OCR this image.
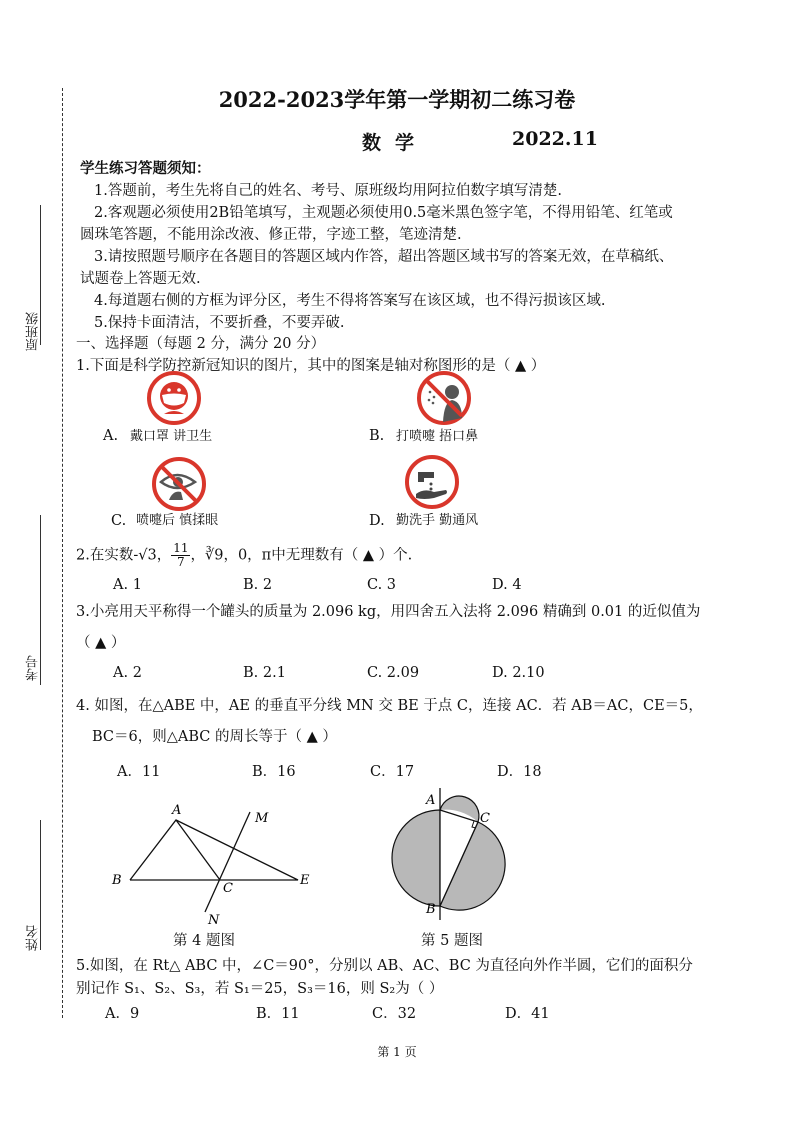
原班级
考号
姓名
2022-2023学年第一学期初二练习卷
数学	2022.11
学生练习答题须知：
1.答题前，考生先将自己的姓名、考号、原班级均用阿拉伯数字填写清楚.
2.客观题必须使用2B铅笔填写，主观题必须使用0.5毫米黑色签字笔，不得用铅笔、红笔或
圆珠笔答题，不能用涂改液、修正带，字迹工整，笔迹清楚.
3.请按照题号顺序在各题目的答题区域内作答，超出答题区域书写的答案无效，在草稿纸、
试题卷上答题无效.
4.每道题右侧的方框为评分区，考生不得将答案写在该区域，也不得污损该区域.
5.保持卡面清洁，不要折叠，不要弄破.
一、选择题（每题 2 分，满分 20 分）
1.下面是科学防控新冠知识的图片，其中的图案是轴对称图形的是（ ▲ ）
A. 戴口罩 讲卫生	B. 打喷嚏 捂口鼻
C. 喷嚏后 慎揉眼	D. 勤洗手 勤通风
2.在实数-√3， $\frac{11}{7}$ ，∛9，0，π中无理数有（ ▲ ）个.
A. 1	B. 2	C. 3	D. 4
3.小亮用天平称得一个罐头的质量为 2.096 kg，用四舍五入法将 2.096 精确到 0.01 的近似值为
（ ▲ ）
A. 2	B. 2.1	C. 2.09	D. 2.10
4. 如图，在△ABE 中，AE 的垂直平分线 MN 交 BE 于点 C，连接 AC．若 AB＝AC，CE＝5，
BC＝6，则△ABC 的周长等于（ ▲ ）
A．11	B．16	C．17	D．18
A
M
B
C
E
N
第 4 题图
A
C
B
第 5 题图
5.如图，在 Rt△ ABC 中，∠C＝90°，分别以 AB、AC、BC 为直径向外作半圆，它们的面积分
别记作 S₁、S₂、S₃，若 S₁＝25，S₃＝16，则 S₂为（ ）
A．9	B．11	C．32	D．41
第 1 页
